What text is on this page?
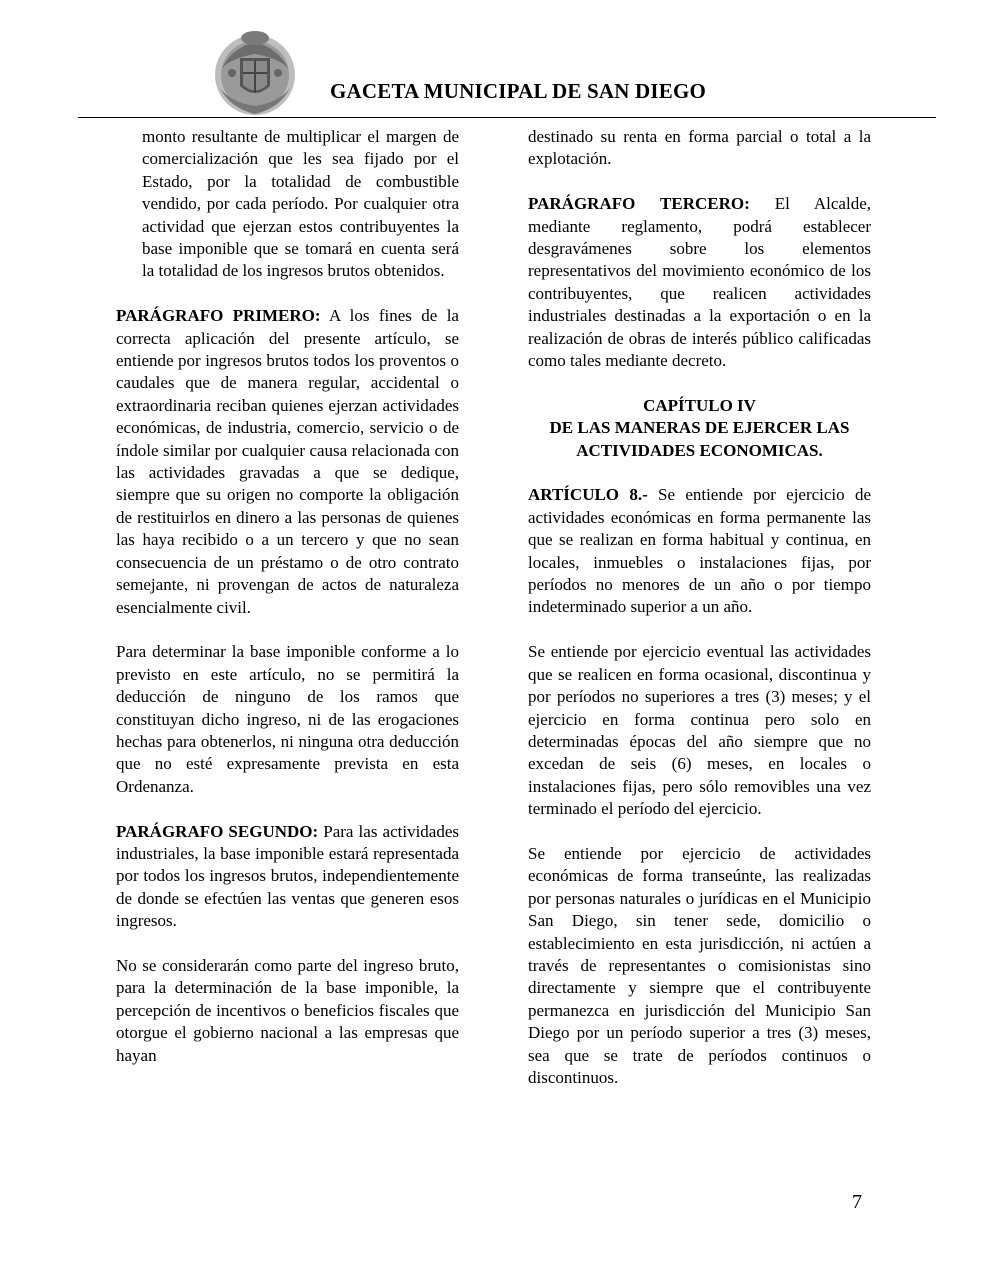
GACETA MUNICIPAL DE SAN DIEGO

monto resultante de multiplicar el margen de comercialización que les sea fijado por el Estado, por la totalidad de combustible vendido, por cada período. Por cualquier otra actividad que ejerzan estos contribuyentes la base imponible que se tomará en cuenta será la totalidad de los ingresos brutos obtenidos.

PARÁGRAFO PRIMERO: A los fines de la correcta aplicación del presente artículo, se entiende por ingresos brutos todos los proventos o caudales que de manera regular, accidental o extraordinaria reciban quienes ejerzan actividades económicas, de industria, comercio, servicio o de índole similar por cualquier causa relacionada con las actividades gravadas a que se dedique, siempre que su origen no comporte la obligación de restituirlos en dinero a las personas de quienes las haya recibido o a un tercero y que no sean consecuencia de un préstamo o de otro contrato semejante, ni provengan de actos de naturaleza esencialmente civil.

Para determinar la base imponible conforme a lo previsto en este artículo, no se permitirá la deducción de ninguno de los ramos que constituyan dicho ingreso, ni de las erogaciones hechas para obtenerlos, ni ninguna otra deducción que no esté expresamente prevista en esta Ordenanza.

PARÁGRAFO SEGUNDO: Para las actividades industriales, la base imponible estará representada por todos los ingresos brutos, independientemente de donde se efectúen las ventas que generen esos ingresos.

No se considerarán como parte del ingreso bruto, para la determinación de la base imponible, la percepción de incentivos o beneficios fiscales que otorgue el gobierno nacional a las empresas que hayan

destinado su renta en forma parcial o total a la explotación.

PARÁGRAFO TERCERO: El Alcalde, mediante reglamento, podrá establecer desgravámenes sobre los elementos representativos del movimiento económico de los contribuyentes, que realicen actividades industriales destinadas a la exportación o en la realización de obras de interés público calificadas como tales mediante decreto.

CAPÍTULO IV
DE LAS MANERAS DE EJERCER LAS
ACTIVIDADES ECONOMICAS.

ARTÍCULO 8.- Se entiende por ejercicio de actividades económicas en forma permanente las que se realizan en forma habitual y continua, en locales, inmuebles o instalaciones fijas, por períodos no menores de un año o por tiempo indeterminado superior a un año.

Se entiende por ejercicio eventual las actividades que se realicen en forma ocasional, discontinua y por períodos no superiores a tres (3) meses; y el ejercicio en forma continua pero solo en determinadas épocas del año siempre que no excedan de seis (6) meses, en locales o instalaciones fijas, pero sólo removibles una vez terminado el período del ejercicio.

Se entiende por ejercicio de actividades económicas de forma transeúnte, las realizadas por personas naturales o jurídicas en el Municipio San Diego, sin tener sede, domicilio o establecimiento en esta jurisdicción, ni actúen a través de representantes o comisionistas sino directamente y siempre que el contribuyente permanezca en jurisdicción del Municipio San Diego por un período superior a tres (3) meses, sea que se trate de períodos continuos o discontinuos.

7
